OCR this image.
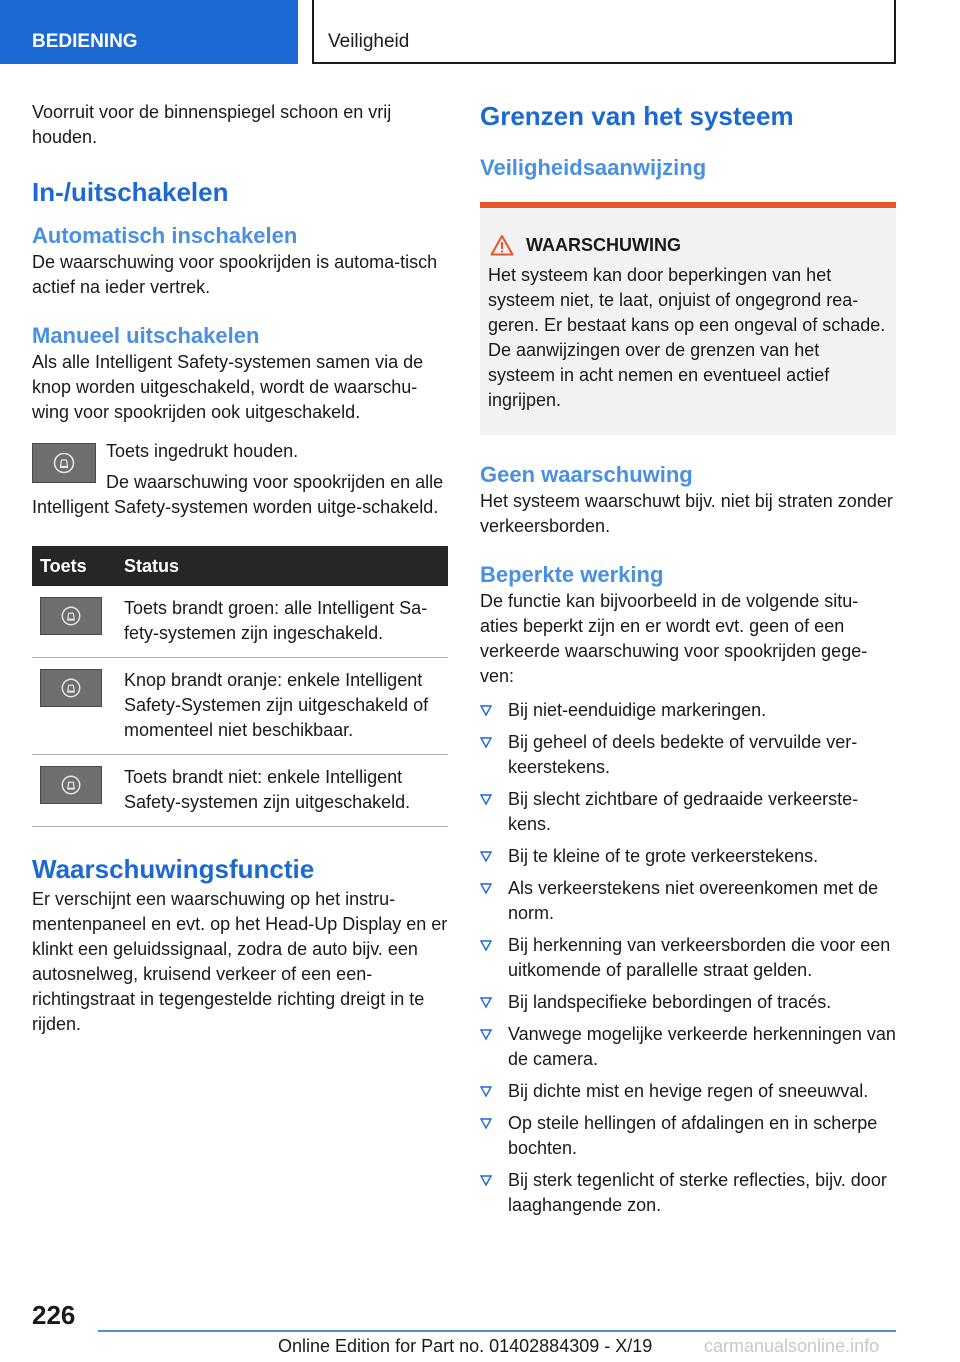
BEDIENING	Veiligheid

Voorruit voor de binnenspiegel schoon en vrij houden.

In-/uitschakelen
Automatisch inschakelen

De waarschuwing voor spookrijden is automa‐tisch actief na ieder vertrek.

Manueel uitschakelen

Als alle Intelligent Safety-systemen samen via de knop worden uitgeschakeld, wordt de waarschu‐wing voor spookrijden ook uitgeschakeld.

Toets ingedrukt houden.

De waarschuwing voor spookrijden en alle Intelligent Safety-systemen worden uitge‐schakeld.

Toets	Status

	Toets brandt groen: alle Intelligent Sa‐fety-systemen zijn ingeschakeld.

	Knop brandt oranje: enkele Intelligent Safety-Systemen zijn uitgeschakeld of momenteel niet beschikbaar.

	Toets brandt niet: enkele Intelligent Safety-systemen zijn uitgeschakeld.
Waarschuwingsfunctie

Er verschijnt een waarschuwing op het instru‐mentenpaneel en evt. op het Head-Up Display en er klinkt een geluidssignaal, zodra de auto bijv. een autosnelweg, kruisend verkeer of een een‐richtingstraat in tegengestelde richting dreigt in te rijden.

Grenzen van het systeem
Veiligheidsaanwijzing
WAARSCHUWING

Het systeem kan door beperkingen van het systeem niet, te laat, onjuist of ongegrond rea‐geren. Er bestaat kans op een ongeval of schade. De aanwijzingen over de grenzen van het systeem in acht nemen en eventueel actief ingrijpen.

Geen waarschuwing

Het systeem waarschuwt bijv. niet bij straten zonder verkeersborden.

Beperkte werking

De functie kan bijvoorbeeld in de volgende situ‐aties beperkt zijn en er wordt evt. geen of een verkeerde waarschuwing voor spookrijden gege‐ven:

Bij niet-eenduidige markeringen.
Bij geheel of deels bedekte of vervuilde ver‐keerstekens.
Bij slecht zichtbare of gedraaide verkeerste‐kens.
Bij te kleine of te grote verkeerstekens.
Als verkeerstekens niet overeenkomen met de norm.
Bij herkenning van verkeersborden die voor een uitkomende of parallelle straat gelden.
Bij landspecifieke bebordingen of tracés.
Vanwege mogelijke verkeerde herkenningen van de camera.
Bij dichte mist en hevige regen of sneeuwval.
Op steile hellingen of afdalingen en in scherpe bochten.
Bij sterk tegenlicht of sterke reflecties, bijv. door laaghangende zon.
226
Online Edition for Part no. 01402884309 - X/19	carmanualsonline.info
